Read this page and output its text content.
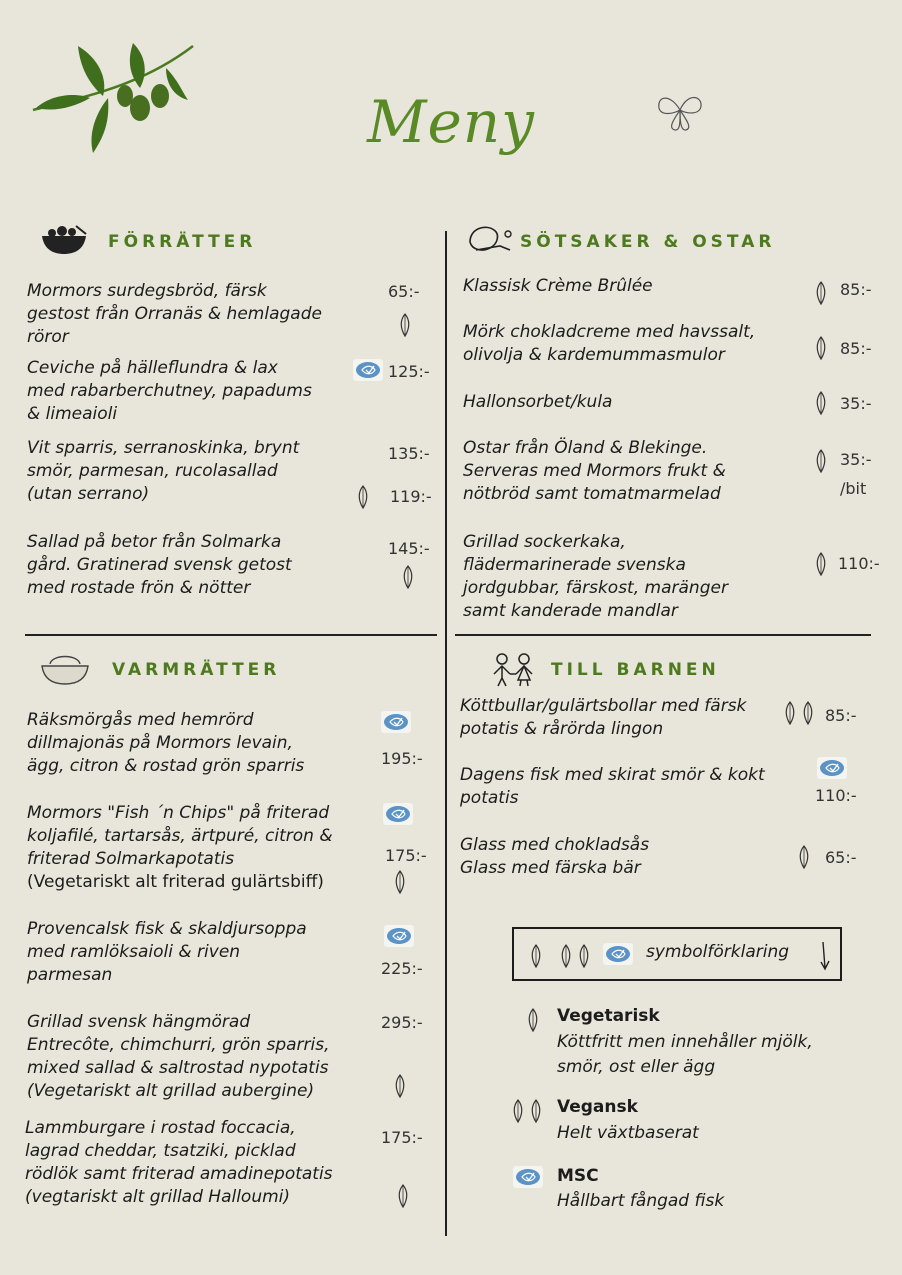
Meny
FÖRRÄTTER
Mormors surdegsbröd, färsk
gestost från Orranäs & hemlagade
röror
65:-
Ceviche på hälleflundra & lax
med rabarberchutney, papadums
& limeaioli
125:-
Vit sparris, serranoskinka, brynt
smör, parmesan, rucolasallad
(utan serrano)
135:-
119:-
Sallad på betor från Solmarka
gård. Gratinerad svensk getost
med rostade frön & nötter
145:-
SÖTSAKER & OSTAR
Klassisk Crème Brûlée	85:-
Mörk chokladcreme med havssalt,
olivolja & kardemummasmulor	85:-
Hallonsorbet/kula	35:-
Ostar från Öland & Blekinge.
Serveras med Mormors frukt &
nötbröd samt tomatmarmelad
35:-
/bit
Grillad sockerkaka,
flädermarinerade svenska
jordgubbar, färskost, maränger
samt kanderade mandlar
110:-
VARMRÄTTER
Räksmörgås med hemrörd
dillmajonäs på Mormors levain,
ägg, citron & rostad grön sparris	195:-
Mormors "Fish ´n Chips" på friterad
koljafilé, tartarsås, ärtpuré, citron &
friterad Solmarkapotatis
(Vegetariskt alt friterad gulärtsbiff)
175:-
Provencalsk fisk & skaldjursoppa
med ramlöksaioli & riven
parmesan	225:-
Grillad svensk hängmörad
Entrecôte, chimchurri, grön sparris,
mixed sallad & saltrostad nypotatis
(Vegetariskt alt grillad aubergine)
295:-
Lammburgare i rostad foccacia,
lagrad cheddar, tsatziki, picklad
rödlök samt friterad amadinepotatis
(vegtariskt alt grillad Halloumi)
175:-
TILL BARNEN
Köttbullar/gulärtsbollar med färsk
potatis & rårörda lingon
85:-
Dagens fisk med skirat smör & kokt
potatis	110:-
Glass med chokladsås
Glass med färska bär
65:-
symbolförklaring
Vegetarisk
Köttfritt men innehåller mjölk,
smör, ost eller ägg
Vegansk
Helt växtbaserat
MSC
Hållbart fångad fisk
